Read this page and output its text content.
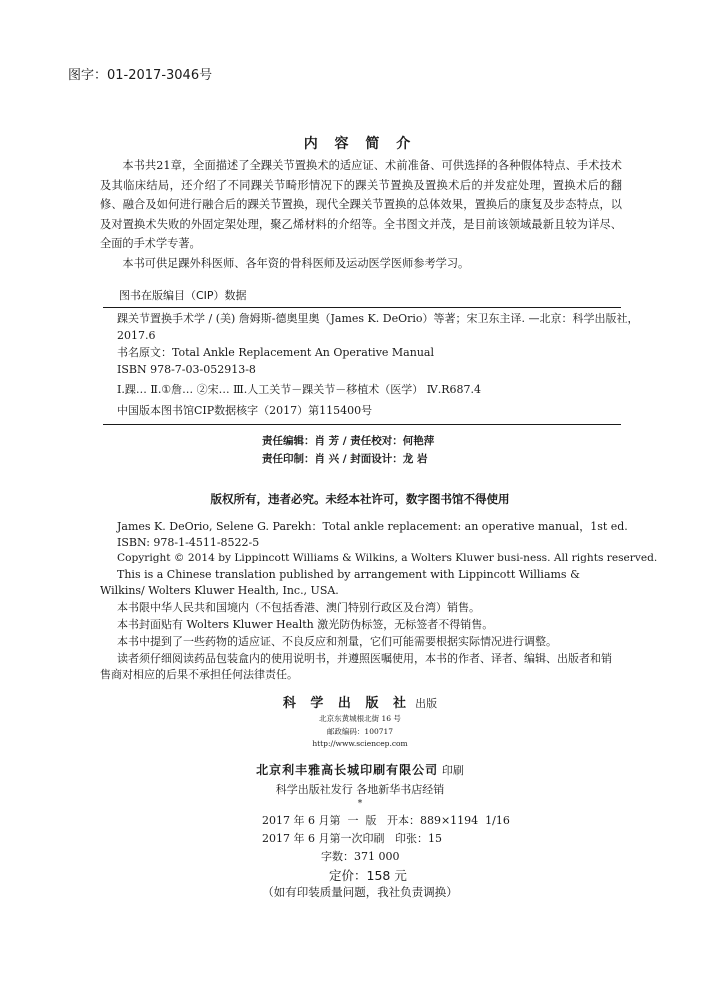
图字：01-2017-3046号
内 容 简 介
本书共21章，全面描述了全踝关节置换术的适应证、术前准备、可供选择的各种假体特点、手术技术及其临床结局，还介绍了不同踝关节畸形情况下的踝关节置换及置换术后的并发症处理，置换术后的翻修、融合及如何进行融合后的踝关节置换，现代全踝关节置换的总体效果，置换后的康复及步态特点，以及对置换术失败的外固定架处理，聚乙烯材料的介绍等。全书图文并茂，是目前该领域最新且较为详尽、全面的手术学专著。
本书可供足踝外科医师、各年资的骨科医师及运动医学医师参考学习。
图书在版编目（CIP）数据
踝关节置换手术学 / (美) 詹姆斯-德奥里奥（James K. DeOrio）等著；宋卫东主译. —北京：科学出版社，
2017.6
书名原文：Total Ankle Replacement An Operative Manual
ISBN 978-7-03-052913-8
Ⅰ.踝… Ⅱ.①詹… ②宋… Ⅲ.人工关节－踝关节－移植术（医学） Ⅳ.R687.4
中国版本图书馆CIP数据核字（2017）第115400号
责任编辑：肖 芳 / 责任校对：何艳萍
责任印制：肖 兴 / 封面设计：龙 岩
版权所有，违者必究。未经本社许可，数字图书馆不得使用
James K. DeOrio, Selene G. Parekh：Total ankle replacement: an operative manual，1st ed.
ISBN: 978-1-4511-8522-5
Copyright © 2014 by Lippincott Williams & Wilkins, a Wolters Kluwer busi-ness. All rights reserved.
This is a Chinese translation published by arrangement with Lippincott Williams & Wilkins/ Wolters Kluwer Health, Inc., USA.
本书限中华人民共和国境内（不包括香港、澳门特别行政区及台湾）销售。
本书封面贴有 Wolters Kluwer Health 激光防伪标签，无标签者不得销售。
本书中提到了一些药物的适应证、不良反应和剂量，它们可能需要根据实际情况进行调整。
读者须仔细阅读药品包装盒内的使用说明书，并遵照医嘱使用，本书的作者、译者、编辑、出版者和销售商对相应的后果不承担任何法律责任。
科 学 出 版 社 出版
北京东黄城根北街 16 号
邮政编码：100717
http://www.sciencep.com
北京利丰雅高长城印刷有限公司 印刷
科学出版社发行 各地新华书店经销
*
2017 年 6 月第  一  版   开本：889×1194  1/16
2017 年 6 月第一次印刷   印张：15
字数：371 000
定价：158 元
（如有印装质量问题，我社负责调换）
